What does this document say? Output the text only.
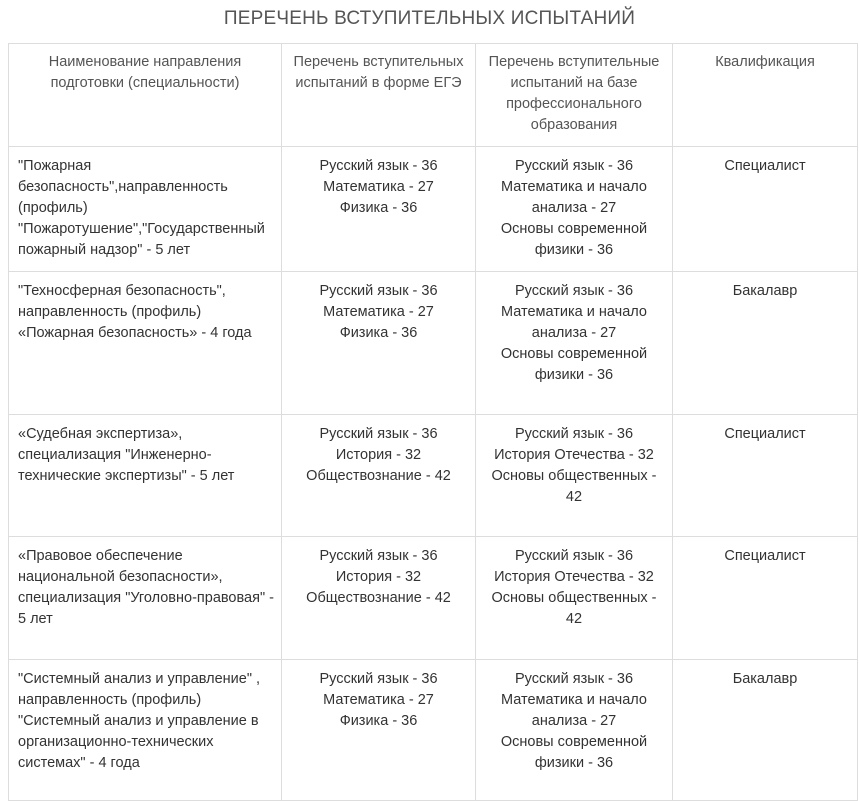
ПЕРЕЧЕНЬ ВСТУПИТЕЛЬНЫХ ИСПЫТАНИЙ
Наименование направления подготовки (специальности)	Перечень вступительных испытаний в форме ЕГЭ	Перечень вступительные испытаний на базе профессионального образования	Квалификация

"Пожарная безопасность",направленность (профиль) "Пожаротушение","Государственный пожарный надзор" - 5 лет	Русский язык - 36
Математика - 27
Физика - 36	Русский язык - 36
Математика и начало анализа - 27
Основы современной физики - 36	Специалист

"Техносферная безопасность", направленность (профиль) «Пожарная безопасность» - 4 года	Русский язык - 36
Математика - 27
Физика - 36	Русский язык - 36
Математика и начало анализа - 27
Основы современной физики - 36	Бакалавр

«Судебная экспертиза», специализация "Инженерно-технические экспертизы" - 5 лет	Русский язык - 36
История - 32
Обществознание - 42	Русский язык - 36
История Отечества - 32
Основы общественных - 42	Специалист

«Правовое обеспечение национальной безопасности», специализация "Уголовно-правовая" - 5 лет	Русский язык - 36
История - 32
Обществознание - 42	Русский язык - 36
История Отечества - 32
Основы общественных - 42	Специалист

"Системный анализ и управление" , направленность (профиль) "Системный анализ и управление в организационно-технических системах" - 4 года	Русский язык - 36
Математика - 27
Физика - 36	Русский язык - 36
Математика и начало анализа - 27
Основы современной физики - 36	Бакалавр
